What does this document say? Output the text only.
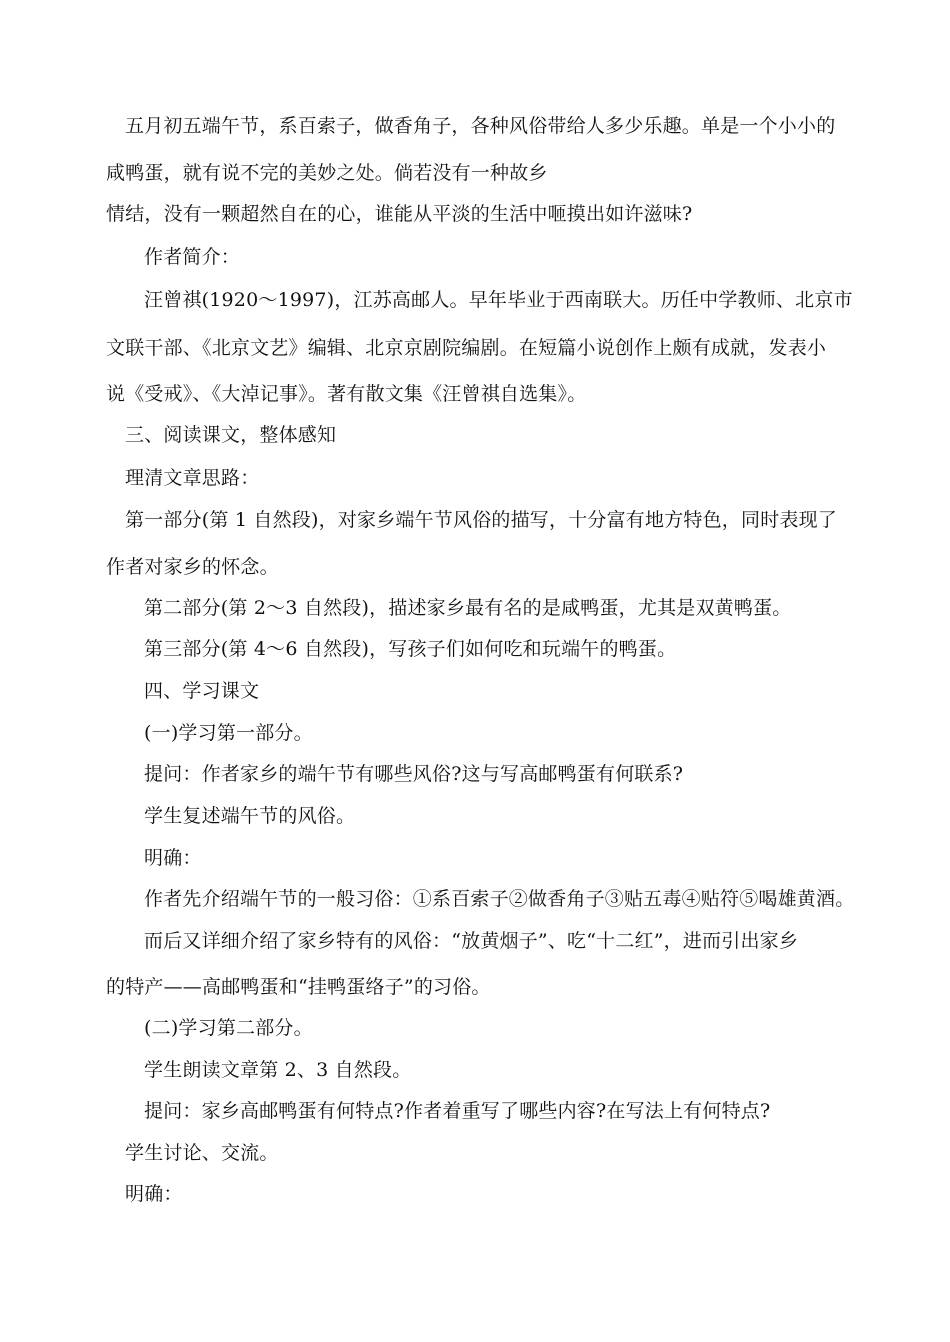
五月初五端午节，系百索子，做香角子，各种风俗带给人多少乐趣。单是一个小小的
咸鸭蛋，就有说不完的美妙之处。倘若没有一种故乡
情结，没有一颗超然自在的心，谁能从平淡的生活中咂摸出如许滋味?
作者简介：
汪曾祺(1920～1997)，江苏高邮人。早年毕业于西南联大。历任中学教师、北京市
文联干部、《北京文艺》编辑、北京京剧院编剧。在短篇小说创作上颇有成就，发表小
说《受戒》、《大淖记事》。著有散文集《汪曾祺自选集》。
三、阅读课文，整体感知
理清文章思路：
第一部分(第 1 自然段)，对家乡端午节风俗的描写，十分富有地方特色，同时表现了
作者对家乡的怀念。
第二部分(第 2～3 自然段)，描述家乡最有名的是咸鸭蛋，尤其是双黄鸭蛋。
第三部分(第 4～6 自然段)，写孩子们如何吃和玩端午的鸭蛋。
四、学习课文
(一)学习第一部分。
提问：作者家乡的端午节有哪些风俗?这与写高邮鸭蛋有何联系?
学生复述端午节的风俗。
明确：
作者先介绍端午节的一般习俗：①系百索子②做香角子③贴五毒④贴符⑤喝雄黄酒。
而后又详细介绍了家乡特有的风俗：“放黄烟子”、吃“十二红”，进而引出家乡
的特产——高邮鸭蛋和“挂鸭蛋络子”的习俗。
(二)学习第二部分。
学生朗读文章第 2、3 自然段。
提问：家乡高邮鸭蛋有何特点?作者着重写了哪些内容?在写法上有何特点?
学生讨论、交流。
明确：
